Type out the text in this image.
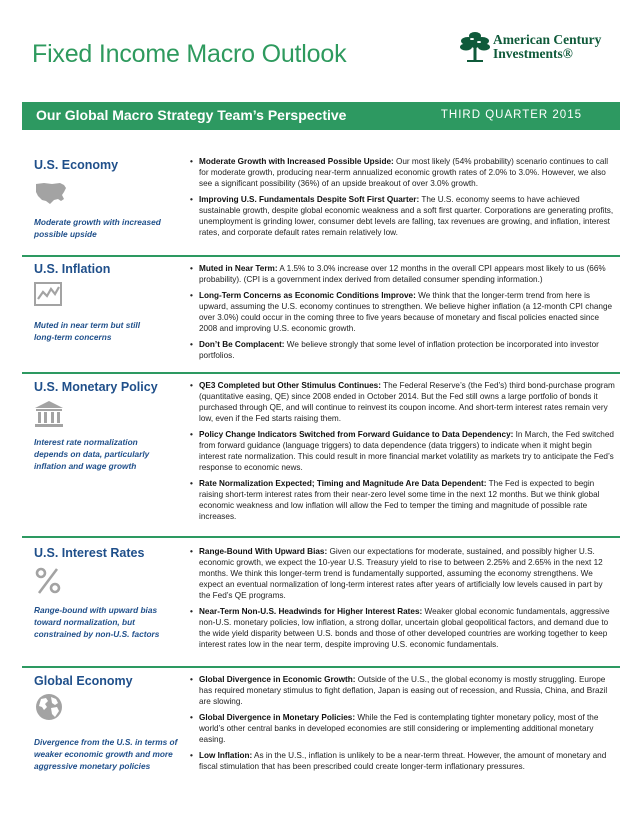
Fixed Income Macro Outlook
American Century
Investments®
Our Global Macro Strategy Team’s Perspective	THIRD QUARTER 2015
U.S. Economy
Moderate growth with increased possible upside
• Moderate Growth with Increased Possible Upside: Our most likely (54% probability) scenario continues to call for moderate growth, producing near-term annualized economic growth rates of 2.0% to 3.0%. However, we also see a significant possibility (36%) of an upside breakout of over 3.0% growth.
• Improving U.S. Fundamentals Despite Soft First Quarter: The U.S. economy seems to have achieved sustainable growth, despite global economic weakness and a soft first quarter. Corporations are generating profits, unemployment is grinding lower, consumer debt levels are falling, tax revenues are growing, and inflation, interest rates, and corporate default rates remain relatively low.
U.S. Inflation
Muted in near term but still long-term concerns
• Muted in Near Term: A 1.5% to 3.0% increase over 12 months in the overall CPI appears most likely to us (66% probability). (CPI is a government index derived from detailed consumer spending information.)
• Long-Term Concerns as Economic Conditions Improve: We think that the longer-term trend from here is upward, assuming the U.S. economy continues to strengthen. We believe higher inflation (a 12-month CPI change over 3.0%) could occur in the coming three to five years because of monetary and fiscal policies enacted since 2008 and improving U.S. economic growth.
• Don’t Be Complacent: We believe strongly that some level of inflation protection be incorporated into investor portfolios.
U.S. Monetary Policy
Interest rate normalization depends on data, particularly inflation and wage growth
• QE3 Completed but Other Stimulus Continues: The Federal Reserve’s (the Fed’s) third bond-purchase program (quantitative easing, QE) since 2008 ended in October 2014. But the Fed still owns a large portfolio of bonds it purchased through QE, and will continue to reinvest its coupon income. And short-term interest rates remain very low, even if the Fed starts raising them.
• Policy Change Indicators Switched from Forward Guidance to Data Dependency: In March, the Fed switched from forward guidance (language triggers) to data dependence (data triggers) to indicate when it might begin interest rate normalization. This could result in more financial market volatility as markets try to anticipate the Fed’s response to economic news.
• Rate Normalization Expected; Timing and Magnitude Are Data Dependent: The Fed is expected to begin raising short-term interest rates from their near-zero level some time in the next 12 months. But we think global economic weakness and low inflation will allow the Fed to temper the timing and magnitude of possible rate increases.
U.S. Interest Rates
Range-bound with upward bias toward normalization, but constrained by non-U.S. factors
• Range-Bound With Upward Bias: Given our expectations for moderate, sustained, and possibly higher U.S. economic growth, we expect the 10-year U.S. Treasury yield to rise to between 2.25% and 2.65% in the next 12 months. We think this longer-term trend is fundamentally supported, assuming the economy strengthens. We expect an eventual normalization of long-term interest rates after years of artificially low levels caused in part by the Fed’s QE programs.
• Near-Term Non-U.S. Headwinds for Higher Interest Rates: Weaker global economic fundamentals, aggressive non-U.S. monetary policies, low inflation, a strong dollar, uncertain global geopolitical factors, and demand due to the wide yield disparity between U.S. bonds and those of other developed countries are working together to keep interest rates low in the near term, despite improving U.S. economic fundamentals.
Global Economy
Divergence from the U.S. in terms of weaker economic growth and more aggressive monetary policies
• Global Divergence in Economic Growth: Outside of the U.S., the global economy is mostly struggling. Europe has required monetary stimulus to fight deflation, Japan is easing out of recession, and Russia, China, and Brazil are slowing.
• Global Divergence in Monetary Policies: While the Fed is contemplating tighter monetary policy, most of the world’s other central banks in developed economies are still considering or implementing additional monetary easing.
• Low Inflation: As in the U.S., inflation is unlikely to be a near-term threat. However, the amount of monetary and fiscal stimulation that has been prescribed could create longer-term inflationary pressures.
